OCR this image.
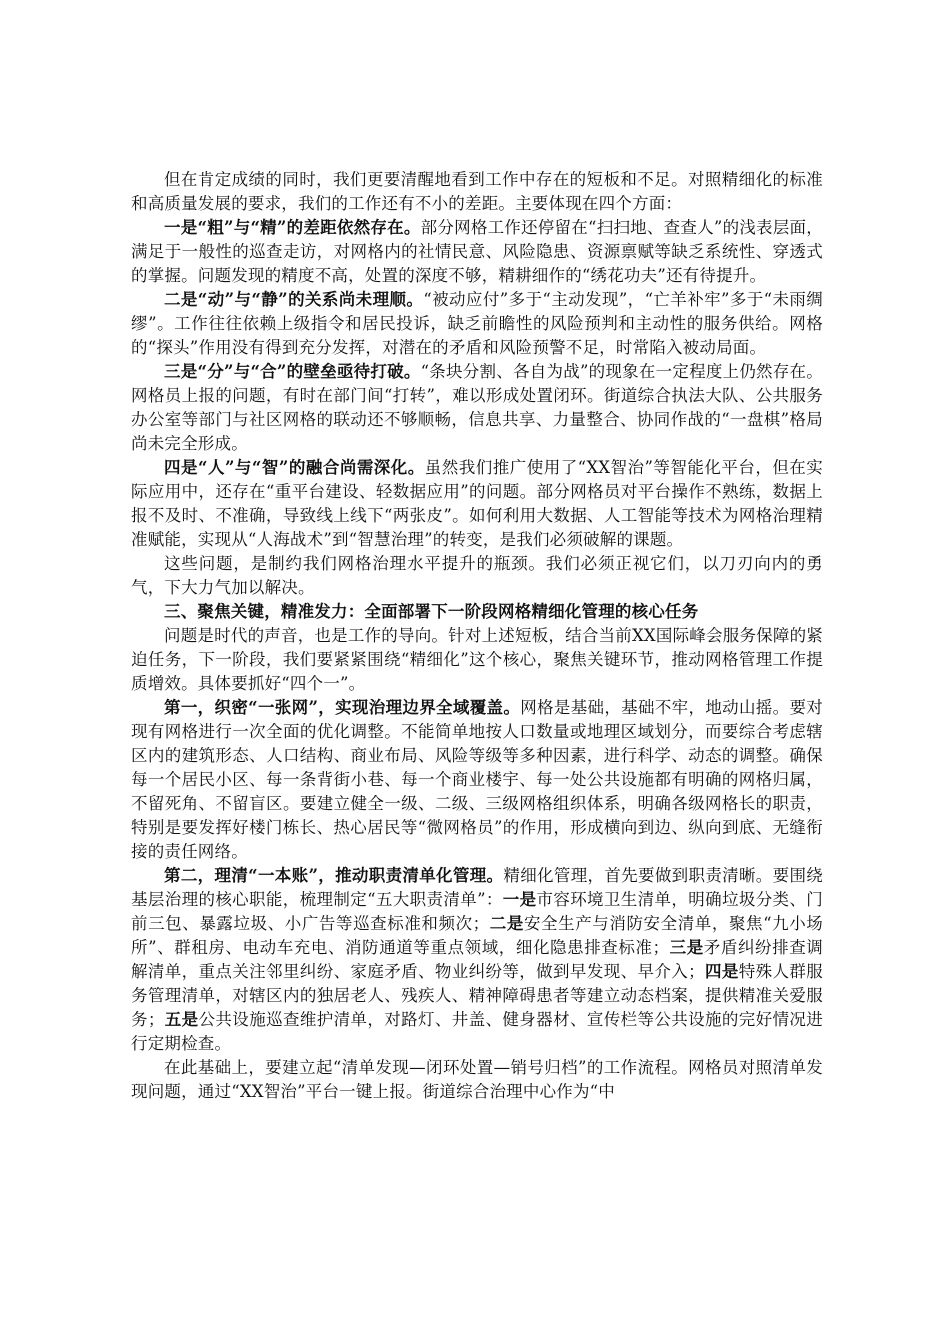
但在肯定成绩的同时，我们更要清醒地看到工作中存在的短板和不足。对照精细化的标准和高质量发展的要求，我们的工作还有不小的差距。主要体现在四个方面：

一是“粗”与“精”的差距依然存在。部分网格工作还停留在“扫扫地、查查人”的浅表层面，满足于一般性的巡查走访，对网格内的社情民意、风险隐患、资源禀赋等缺乏系统性、穿透式的掌握。问题发现的精度不高，处置的深度不够，精耕细作的“绣花功夫”还有待提升。

二是“动”与“静”的关系尚未理顺。“被动应付”多于“主动发现”，“亡羊补牢”多于“未雨绸缪”。工作往往依赖上级指令和居民投诉，缺乏前瞻性的风险预判和主动性的服务供给。网格的“探头”作用没有得到充分发挥，对潜在的矛盾和风险预警不足，时常陷入被动局面。

三是“分”与“合”的壁垒亟待打破。“条块分割、各自为战”的现象在一定程度上仍然存在。网格员上报的问题，有时在部门间“打转”，难以形成处置闭环。街道综合执法大队、公共服务办公室等部门与社区网格的联动还不够顺畅，信息共享、力量整合、协同作战的“一盘棋”格局尚未完全形成。

四是“人”与“智”的融合尚需深化。虽然我们推广使用了“XX智治”等智能化平台，但在实际应用中，还存在“重平台建设、轻数据应用”的问题。部分网格员对平台操作不熟练，数据上报不及时、不准确，导致线上线下“两张皮”。如何利用大数据、人工智能等技术为网格治理精准赋能，实现从“人海战术”到“智慧治理”的转变，是我们必须破解的课题。

这些问题，是制约我们网格治理水平提升的瓶颈。我们必须正视它们，以刀刃向内的勇气，下大力气加以解决。

三、聚焦关键，精准发力：全面部署下一阶段网格精细化管理的核心任务

问题是时代的声音，也是工作的导向。针对上述短板，结合当前XX国际峰会服务保障的紧迫任务，下一阶段，我们要紧紧围绕“精细化”这个核心，聚焦关键环节，推动网格管理工作提质增效。具体要抓好“四个一”。

第一，织密“一张网”，实现治理边界全域覆盖。网格是基础，基础不牢，地动山摇。要对现有网格进行一次全面的优化调整。不能简单地按人口数量或地理区域划分，而要综合考虑辖区内的建筑形态、人口结构、商业布局、风险等级等多种因素，进行科学、动态的调整。确保每一个居民小区、每一条背街小巷、每一个商业楼宇、每一处公共设施都有明确的网格归属，不留死角、不留盲区。要建立健全一级、二级、三级网格组织体系，明确各级网格长的职责，特别是要发挥好楼门栋长、热心居民等“微网格员”的作用，形成横向到边、纵向到底、无缝衔接的责任网络。

第二，理清“一本账”，推动职责清单化管理。精细化管理，首先要做到职责清晰。要围绕基层治理的核心职能，梳理制定“五大职责清单”：一是市容环境卫生清单，明确垃圾分类、门前三包、暴露垃圾、小广告等巡查标准和频次；二是安全生产与消防安全清单，聚焦“九小场所”、群租房、电动车充电、消防通道等重点领域，细化隐患排查标准；三是矛盾纠纷排查调解清单，重点关注邻里纠纷、家庭矛盾、物业纠纷等，做到早发现、早介入；四是特殊人群服务管理清单，对辖区内的独居老人、残疾人、精神障碍患者等建立动态档案，提供精准关爱服务；五是公共设施巡查维护清单，对路灯、井盖、健身器材、宣传栏等公共设施的完好情况进行定期检查。

在此基础上，要建立起“清单发现—闭环处置—销号归档”的工作流程。网格员对照清单发现问题，通过“XX智治”平台一键上报。街道综合治理中心作为“中
